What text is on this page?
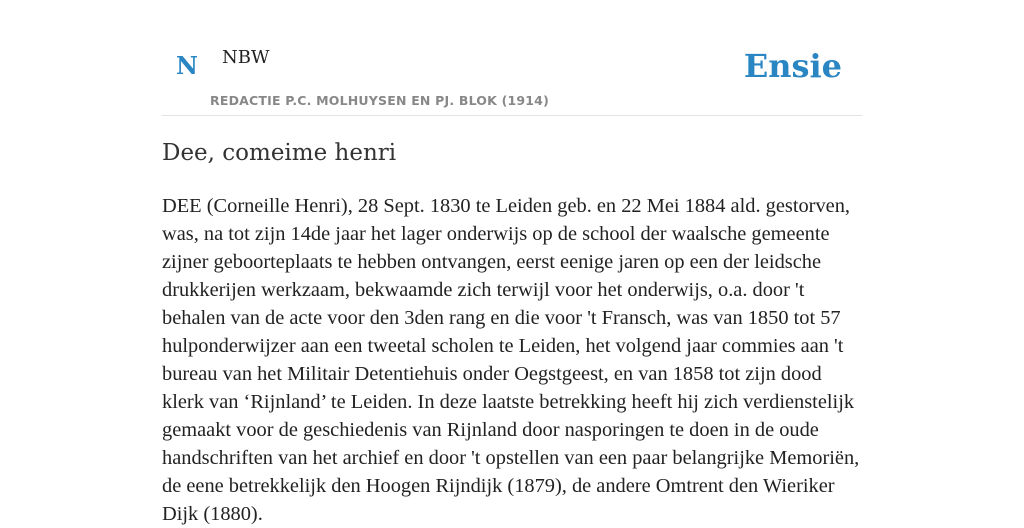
N NBW
REDACTIE P.C. MOLHUYSEN EN PJ. BLOK (1914)
Ensie
Dee, comeime henri

DEE (Corneille Henri), 28 Sept. 1830 te Leiden geb. en 22 Mei 1884 ald. gestorven, was, na tot zijn 14de jaar het lager onderwijs op de school der waalsche gemeente zijner geboorteplaats te hebben ontvangen, eerst eenige jaren op een der leidsche drukkerijen werkzaam, bekwaamde zich terwijl voor het onderwijs, o.a. door 't behalen van de acte voor den 3den rang en die voor 't Fransch, was van 1850 tot 57 hulponderwijzer aan een tweetal scholen te Leiden, het volgend jaar commies aan 't bureau van het Militair Detentiehuis onder Oegstgeest, en van 1858 tot zijn dood klerk van ‘Rijnland’ te Leiden. In deze laatste betrekking heeft hij zich verdienstelijk gemaakt voor de geschiedenis van Rijnland door nasporingen te doen in de oude handschriften van het archief en door 't opstellen van een paar belangrijke Memoriën, de eene betrekkelijk den Hoogen Rijndijk (1879), de andere Omtrent den Wieriker Dijk (1880).
